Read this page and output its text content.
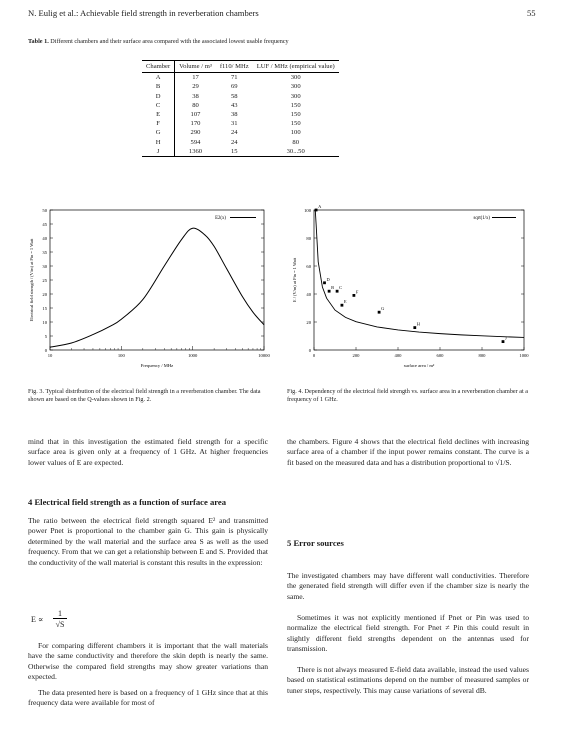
N. Eulig et al.: Achievable field strength in reverberation chambers	55
Table 1. Different chambers and their surface area compared with the associated lowest usable frequency
Chamber	Volume / m³	f110/ MHz	LUF / MHz (empirical value)
A	17	71	300
B	29	69	300
D	38	58	300
C	80	43	150
E	107	38	150
F	170	31	150
G	290	24	100
H	594	24	80
J	1360	15	30...50
0
5
10
15
20
25
30
35
40
45
50
10	100	1000	10000
E2(x)
Frequency / MHz
Electrical field strength / (V/m) at Pin = 1 Watt
0
20
40
60
80
100
0	200	400	600	800	1000
A
D
B C
E
F
G
H
J
sqrt(1/x)
surface area / m²
E / (V/m) at Pin = 1 Watt
Fig. 3. Typical distribution of the electrical field strength in a reverberation chamber. The data shown are based on the Q-values shown in Fig. 2.
Fig. 4. Dependency of the electrical field strength vs. surface area in a reverberation chamber at a frequency of 1 GHz.
mind that in this investigation the estimated field strength for a specific surface area is given only at a frequency of 1 GHz. At higher frequencies lower values of E are expected.
4 Electrical field strength as a function of surface area
The ratio between the electrical field strength squared E² and transmitted power Pnet is proportional to the chamber gain G. This gain is physically determined by the wall material and the surface area S as well as the used frequency. From that we can get a relationship between E and S. Provided that the conductivity of the wall material is constant this results in the expression:
E ∝
1
√S
For comparing different chambers it is important that the wall materials have the same conductivity and therefore the skin depth is nearly the same. Otherwise the compared field strengths may show greater variations than expected.
The data presented here is based on a frequency of 1 GHz since that at this frequency data were available for most of
the chambers. Figure 4 shows that the electrical field declines with increasing surface area of a chamber if the input power remains constant. The curve is a fit based on the measured data and has a distribution proportional to √1/S.
5 Error sources
The investigated chambers may have different wall conductivities. Therefore the generated field strength will differ even if the chamber size is nearly the same.
Sometimes it was not explicitly mentioned if Pnet or Pin was used to normalize the electrical field strength. For Pnet ≠ Pin this could result in slightly different field strengths dependent on the antennas used for transmission.
There is not always measured E-field data available, instead the used values based on statistical estimations depend on the number of measured samples or tuner steps, respectively. This may cause variations of several dB.
